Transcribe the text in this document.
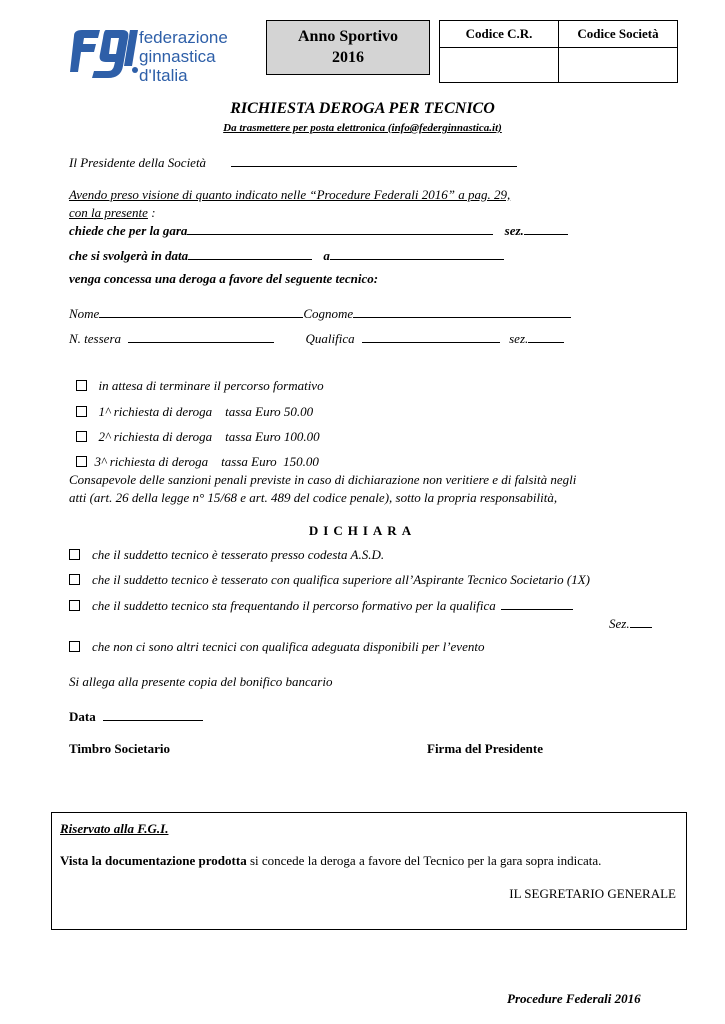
federazione
ginnastica
d'Italia
Anno Sportivo
2016
Codice C.R.	Codice Società

RICHIESTA DEROGA PER TECNICO
Da trasmettere per posta elettronica (info@federginnastica.it)
Il Presidente della Società
Avendo preso visione di quanto indicato nelle “Procedure Federali 2016” a pag. 29,
con la presente :
chiede che per la gara	sez.
che si svolgerà in data	a
venga concessa una deroga a favore del seguente tecnico:
Nome	Cognome
N. tessera	Qualifica	sez.

in attesa di terminare il percorso formativo

1^ richiesta di deroga    tassa Euro 50.00

2^ richiesta di deroga    tassa Euro 100.00

3^ richiesta di deroga    tassa Euro  150.00

Consapevole delle sanzioni penali previste in caso di dichiarazione non veritiere e di falsità negli
atti (art. 26 della legge n° 15/68 e art. 489 del codice penale), sotto la propria responsabilità,
DICHIARA
che il suddetto tecnico è tesserato presso codesta A.S.D.
che il suddetto tecnico è tesserato con qualifica superiore all’Aspirante Tecnico Societario (1X)
che il suddetto tecnico sta frequentando il percorso formativo per la qualifica
Sez.
che non ci sono altri tecnici con qualifica adeguata disponibili per l’evento
Si allega alla presente copia del bonifico bancario
Data
Timbro Societario	Firma del Presidente
Riservato alla F.G.I.
Vista la documentazione prodotta si concede la deroga a favore del Tecnico per la gara sopra indicata.
IL SEGRETARIO GENERALE
Procedure Federali 2016
